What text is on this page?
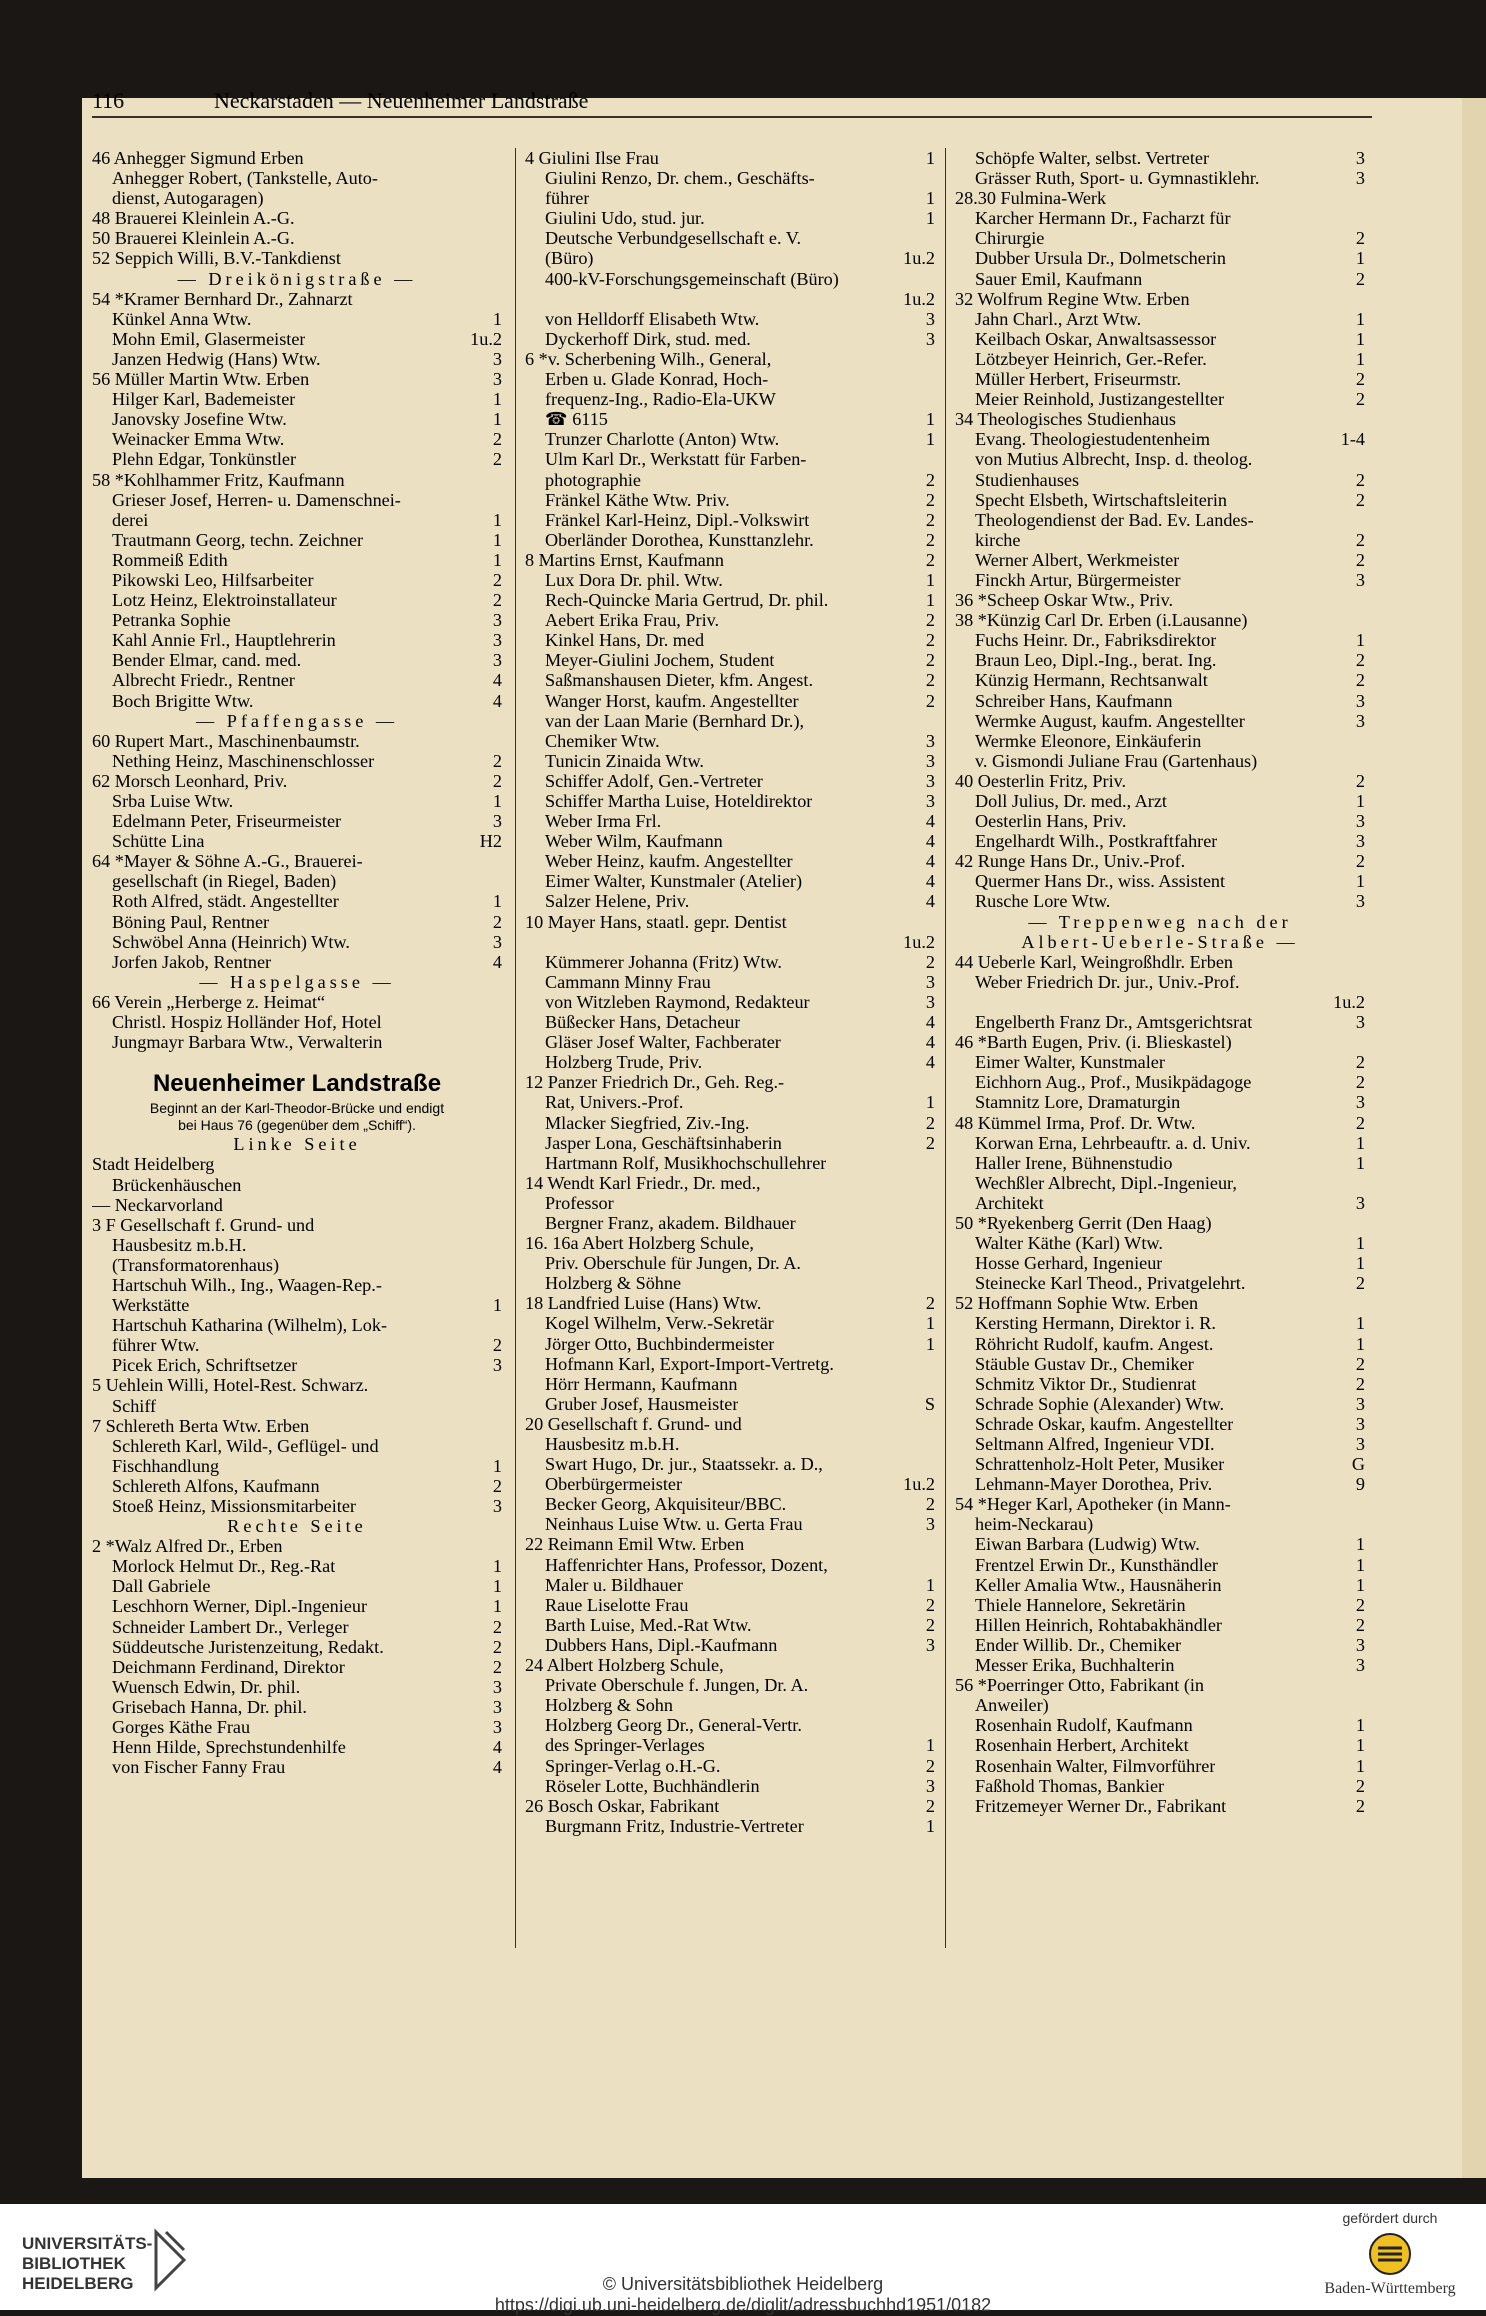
116	Neckarstaden — Neuenheimer Landstraße
46 Anhegger Sigmund Erben
Anhegger Robert, (Tankstelle, Auto-
dienst, Autogaragen)
48 Brauerei Kleinlein A.-G.
50 Brauerei Kleinlein A.-G.
52 Seppich Willi, B.V.-Tankdienst
— Dreikönigstraße —
54 *Kramer Bernhard Dr., Zahnarzt
Künkel Anna Wtw.	1
Mohn Emil, Glasermeister	1u.2
Janzen Hedwig (Hans) Wtw.	3
56 Müller Martin Wtw. Erben	3
Hilger Karl, Bademeister	1
Janovsky Josefine Wtw.	1
Weinacker Emma Wtw.	2
Plehn Edgar, Tonkünstler	2
58 *Kohlhammer Fritz, Kaufmann
Grieser Josef, Herren- u. Damenschnei-
derei	1
Trautmann Georg, techn. Zeichner	1
Rommeiß Edith	1
Pikowski Leo, Hilfsarbeiter	2
Lotz Heinz, Elektroinstallateur	2
Petranka Sophie	3
Kahl Annie Frl., Hauptlehrerin	3
Bender Elmar, cand. med.	3
Albrecht Friedr., Rentner	4
Boch Brigitte Wtw.	4
— Pfaffengasse —
60 Rupert Mart., Maschinenbaumstr.
Nething Heinz, Maschinenschlosser	2
62 Morsch Leonhard, Priv.	2
Srba Luise Wtw.	1
Edelmann Peter, Friseurmeister	3
Schütte Lina	H2
64 *Mayer & Söhne A.-G., Brauerei-
gesellschaft (in Riegel, Baden)
Roth Alfred, städt. Angestellter	1
Böning Paul, Rentner	2
Schwöbel Anna (Heinrich) Wtw.	3
Jorfen Jakob, Rentner	4
— Haspelgasse —
66 Verein „Herberge z. Heimat“
Christl. Hospiz Holländer Hof, Hotel
Jungmayr Barbara Wtw., Verwalterin
Neuenheimer Landstraße
Beginnt an der Karl-Theodor-Brücke und endigt
bei Haus 76 (gegenüber dem „Schiff“).
Linke Seite
Stadt Heidelberg
Brückenhäuschen
— Neckarvorland
3 F Gesellschaft f. Grund- und
Hausbesitz m.b.H.
(Transformatorenhaus)
Hartschuh Wilh., Ing., Waagen-Rep.-
Werkstätte	1
Hartschuh Katharina (Wilhelm), Lok-
führer Wtw.	2
Picek Erich, Schriftsetzer	3
5 Uehlein Willi, Hotel-Rest. Schwarz.
Schiff
7 Schlereth Berta Wtw. Erben
Schlereth Karl, Wild-, Geflügel- und
Fischhandlung	1
Schlereth Alfons, Kaufmann	2
Stoeß Heinz, Missionsmitarbeiter	3
Rechte Seite
2 *Walz Alfred Dr., Erben
Morlock Helmut Dr., Reg.-Rat	1
Dall Gabriele	1
Leschhorn Werner, Dipl.-Ingenieur	1
Schneider Lambert Dr., Verleger	2
Süddeutsche Juristenzeitung, Redakt.	2
Deichmann Ferdinand, Direktor	2
Wuensch Edwin, Dr. phil.	3
Grisebach Hanna, Dr. phil.	3
Gorges Käthe Frau	3
Henn Hilde, Sprechstundenhilfe	4
von Fischer Fanny Frau	4
4 Giulini Ilse Frau	1
Giulini Renzo, Dr. chem., Geschäfts-
führer	1
Giulini Udo, stud. jur.	1
Deutsche Verbundgesellschaft e. V.
(Büro)	1u.2
400-kV-Forschungsgemeinschaft (Büro)
1u.2
von Helldorff Elisabeth Wtw.	3
Dyckerhoff Dirk, stud. med.	3
6 *v. Scherbening Wilh., General,
Erben u. Glade Konrad, Hoch-
frequenz-Ing., Radio-Ela-UKW
☎ 6115	1
Trunzer Charlotte (Anton) Wtw.	1
Ulm Karl Dr., Werkstatt für Farben-
photographie	2
Fränkel Käthe Wtw. Priv.	2
Fränkel Karl-Heinz, Dipl.-Volkswirt	2
Oberländer Dorothea, Kunsttanzlehr.	2
8 Martins Ernst, Kaufmann	2
Lux Dora Dr. phil. Wtw.	1
Rech-Quincke Maria Gertrud, Dr. phil.	1
Aebert Erika Frau, Priv.	2
Kinkel Hans, Dr. med	2
Meyer-Giulini Jochem, Student	2
Saßmanshausen Dieter, kfm. Angest.	2
Wanger Horst, kaufm. Angestellter	2
van der Laan Marie (Bernhard Dr.),
Chemiker Wtw.	3
Tunicin Zinaida Wtw.	3
Schiffer Adolf, Gen.-Vertreter	3
Schiffer Martha Luise, Hoteldirektor	3
Weber Irma Frl.	4
Weber Wilm, Kaufmann	4
Weber Heinz, kaufm. Angestellter	4
Eimer Walter, Kunstmaler (Atelier)	4
Salzer Helene, Priv.	4
10 Mayer Hans, staatl. gepr. Dentist
1u.2
Kümmerer Johanna (Fritz) Wtw.	2
Cammann Minny Frau	3
von Witzleben Raymond, Redakteur	3
Büßecker Hans, Detacheur	4
Gläser Josef Walter, Fachberater	4
Holzberg Trude, Priv.	4
12 Panzer Friedrich Dr., Geh. Reg.-
Rat, Univers.-Prof.	1
Mlacker Siegfried, Ziv.-Ing.	2
Jasper Lona, Geschäftsinhaberin	2
Hartmann Rolf, Musikhochschullehrer
14 Wendt Karl Friedr., Dr. med.,
Professor
Bergner Franz, akadem. Bildhauer
16. 16a Abert Holzberg Schule,
Priv. Oberschule für Jungen, Dr. A.
Holzberg & Söhne
18 Landfried Luise (Hans) Wtw.	2
Kogel Wilhelm, Verw.-Sekretär	1
Jörger Otto, Buchbindermeister	1
Hofmann Karl, Export-Import-Vertretg.
Hörr Hermann, Kaufmann
Gruber Josef, Hausmeister	S
20 Gesellschaft f. Grund- und
Hausbesitz m.b.H.
Swart Hugo, Dr. jur., Staatssekr. a. D.,
Oberbürgermeister	1u.2
Becker Georg, Akquisiteur/BBC.	2
Neinhaus Luise Wtw. u. Gerta Frau	3
22 Reimann Emil Wtw. Erben
Haffenrichter Hans, Professor, Dozent,
Maler u. Bildhauer	1
Raue Liselotte Frau	2
Barth Luise, Med.-Rat Wtw.	2
Dubbers Hans, Dipl.-Kaufmann	3
24 Albert Holzberg Schule,
Private Oberschule f. Jungen, Dr. A.
Holzberg & Sohn
Holzberg Georg Dr., General-Vertr.
des Springer-Verlages	1
Springer-Verlag o.H.-G.	2
Röseler Lotte, Buchhändlerin	3
26 Bosch Oskar, Fabrikant	2
Burgmann Fritz, Industrie-Vertreter	1
Schöpfe Walter, selbst. Vertreter	3
Grässer Ruth, Sport- u. Gymnastiklehr.	3
28.30 Fulmina-Werk
Karcher Hermann Dr., Facharzt für
Chirurgie	2
Dubber Ursula Dr., Dolmetscherin	1
Sauer Emil, Kaufmann	2
32 Wolfrum Regine Wtw. Erben
Jahn Charl., Arzt Wtw.	1
Keilbach Oskar, Anwaltsassessor	1
Lötzbeyer Heinrich, Ger.-Refer.	1
Müller Herbert, Friseurmstr.	2
Meier Reinhold, Justizangestellter	2
34 Theologisches Studienhaus
Evang. Theologiestudentenheim	1-4
von Mutius Albrecht, Insp. d. theolog.
Studienhauses	2
Specht Elsbeth, Wirtschaftsleiterin	2
Theologendienst der Bad. Ev. Landes-
kirche	2
Werner Albert, Werkmeister	2
Finckh Artur, Bürgermeister	3
36 *Scheep Oskar Wtw., Priv.
38 *Künzig Carl Dr. Erben (i.Lausanne)
Fuchs Heinr. Dr., Fabriksdirektor	1
Braun Leo, Dipl.-Ing., berat. Ing.	2
Künzig Hermann, Rechtsanwalt	2
Schreiber Hans, Kaufmann	3
Wermke August, kaufm. Angestellter	3
Wermke Eleonore, Einkäuferin
v. Gismondi Juliane Frau (Gartenhaus)
40 Oesterlin Fritz, Priv.	2
Doll Julius, Dr. med., Arzt	1
Oesterlin Hans, Priv.	3
Engelhardt Wilh., Postkraftfahrer	3
42 Runge Hans Dr., Univ.-Prof.	2
Quermer Hans Dr., wiss. Assistent	1
Rusche Lore Wtw.	3
— Treppenweg nach der
Albert-Ueberle-Straße —
44 Ueberle Karl, Weingroßhdlr. Erben
Weber Friedrich Dr. jur., Univ.-Prof.
1u.2
Engelberth Franz Dr., Amtsgerichtsrat	3
46 *Barth Eugen, Priv. (i. Blieskastel)
Eimer Walter, Kunstmaler	2
Eichhorn Aug., Prof., Musikpädagoge	2
Stamnitz Lore, Dramaturgin	3
48 Kümmel Irma, Prof. Dr. Wtw.	2
Korwan Erna, Lehrbeauftr. a. d. Univ.	1
Haller Irene, Bühnenstudio	1
Wechßler Albrecht, Dipl.-Ingenieur,
Architekt	3
50 *Ryekenberg Gerrit (Den Haag)
Walter Käthe (Karl) Wtw.	1
Hosse Gerhard, Ingenieur	1
Steinecke Karl Theod., Privatgelehrt.	2
52 Hoffmann Sophie Wtw. Erben
Kersting Hermann, Direktor i. R.	1
Röhricht Rudolf, kaufm. Angest.	1
Stäuble Gustav Dr., Chemiker	2
Schmitz Viktor Dr., Studienrat	2
Schrade Sophie (Alexander) Wtw.	3
Schrade Oskar, kaufm. Angestellter	3
Seltmann Alfred, Ingenieur VDI.	3
Schrattenholz-Holt Peter, Musiker	G
Lehmann-Mayer Dorothea, Priv.	9
54 *Heger Karl, Apotheker (in Mann-
heim-Neckarau)
Eiwan Barbara (Ludwig) Wtw.	1
Frentzel Erwin Dr., Kunsthändler	1
Keller Amalia Wtw., Hausnäherin	1
Thiele Hannelore, Sekretärin	2
Hillen Heinrich, Rohtabakhändler	2
Ender Willib. Dr., Chemiker	3
Messer Erika, Buchhalterin	3
56 *Poerringer Otto, Fabrikant (in
Anweiler)
Rosenhain Rudolf, Kaufmann	1
Rosenhain Herbert, Architekt	1
Rosenhain Walter, Filmvorführer	1
Faßhold Thomas, Bankier	2
Fritzemeyer Werner Dr., Fabrikant	2
UNIVERSITÄTS-
BIBLIOTHEK
HEIDELBERG	© Universitätsbibliothek Heidelberg
https://digi.ub.uni-heidelberg.de/diglit/adressbuchhd1951/0182
gefördert durch
Baden-Württemberg
